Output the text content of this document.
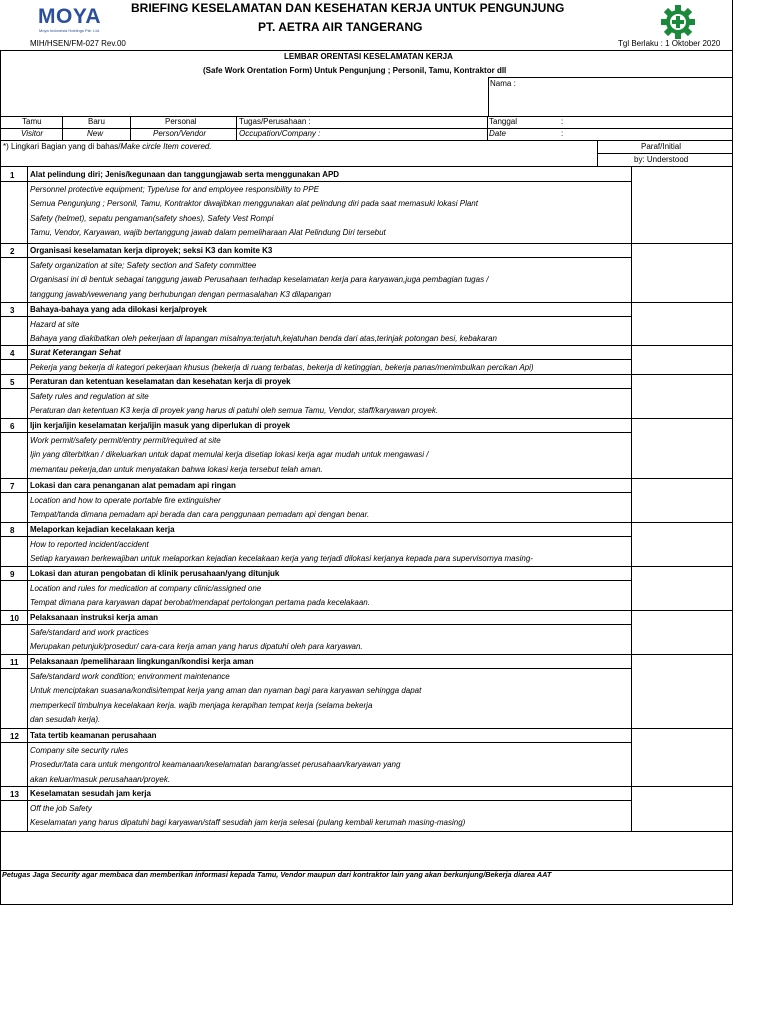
MOYA
Moya Indonesia Holdings Pte. Ltd.
BRIEFING KESELAMATAN DAN KESEHATAN KERJA UNTUK PENGUNJUNG
PT. AETRA AIR TANGERANG
MIH/HSEN/FM-027 Rev.00	Tgl Berlaku : 1 Oktober 2020
LEMBAR ORENTASI KESELAMATAN KERJA
(Safe Work Orentation Form) Untuk Pengunjung ; Personil, Tamu, Kontraktor dll
Nama :
Tamu	Baru	Personal	Tugas/Perusahaan :	Tanggal	:
Visitor	New	Person/Vendor	Occupation/Company :	Date	:
*) Lingkari Bagian yang di bahas/Make circle Item covered.	Paraf/Initial
by: Understood
1 Alat pelindung diri; Jenis/kegunaan dan tanggungjawab serta menggunakan APD
Personnel protective equipment; Type/use for and employee responsibility to PPE
Semua Pengunjung ; Personil, Tamu, Kontraktor diwajibkan menggunakan alat pelindung diri pada saat memasuki lokasi Plant
Safety (helmet), sepatu pengaman(safety shoes), Safety Vest Rompi
Tamu, Vendor, Karyawan, wajib bertanggung jawab dalam pemeliharaan Alat Pelindung Diri tersebut
2 Organisasi keselamatan kerja diproyek; seksi K3 dan komite K3
Safety organization at site; Safety section and Safety committee
Organisasi ini di bentuk sebagai tanggung jawab Perusahaan terhadap keselamatan kerja para karyawan,juga pembagian tugas /
tanggung jawab/wewenang yang berhubungan dengan permasalahan K3 dilapangan
3 Bahaya-bahaya yang ada dilokasi kerja/proyek
Hazard at site
Bahaya yang diakibatkan oleh pekerjaan di lapangan misalnya:terjatuh,kejatuhan benda dari atas,terinjak potongan besi, kebakaran
4 Surat Keterangan Sehat
Pekerja yang bekerja di kategori pekerjaan khusus (bekerja di ruang terbatas, bekerja di ketinggian, bekerja panas/menimbulkan percikan Api)
5 Peraturan dan ketentuan keselamatan dan kesehatan kerja di proyek
Safety rules and regulation at site
Peraturan dan ketentuan K3 kerja di proyek yang harus di patuhi oleh semua Tamu, Vendor, staff/karyawan proyek.
6 Ijin kerja/ijin keselamatan kerja/ijin masuk yang diperlukan di proyek
Work permit/safety permit/entry permit/required at site
Ijin yang diterbitkan / dikeluarkan untuk dapat memulai kerja disetiap lokasi kerja agar mudah untuk mengawasi /
memantau pekerja,dan untuk menyatakan bahwa lokasi kerja tersebut telah aman.
7 Lokasi dan cara penanganan alat pemadam api ringan
Location and how to operate portable fire extinguisher
Tempat/tanda dimana pemadam api berada dan cara penggunaan pemadam api dengan benar.
8 Melaporkan kejadian kecelakaan kerja
How to reported incident/accident
Setiap karyawan berkewajiban untuk melaporkan kejadian kecelakaan kerja yang terjadi dilokasi kerjanya kepada para supervisornya masing-
9 Lokasi dan aturan pengobatan di klinik perusahaan/yang ditunjuk
Location and rules for medication at company clinic/assigned one
Tempat dimana para karyawan dapat berobat/mendapat pertolongan pertama pada kecelakaan.
10 Pelaksanaan instruksi kerja aman
Safe/standard and work practices
Merupakan petunjuk/prosedur/ cara-cara kerja aman yang harus dipatuhi oleh para karyawan.
11 Pelaksanaan /pemeliharaan lingkungan/kondisi kerja aman
Safe/standard work condition; environment maintenance
Untuk menciptakan suasana/kondisi/tempat kerja yang aman dan nyaman bagi para karyawan sehingga dapat
memperkecil timbulnya kecelakaan kerja. wajib menjaga kerapihan tempat kerja (selama bekerja
dan sesudah kerja).
12 Tata tertib keamanan perusahaan
Company site security rules
Prosedur/tata cara untuk mengontrol keamanaan/keselamatan barang/asset perusahaan/karyawan yang
akan keluar/masuk perusahaan/proyek.
13 Keselamatan sesudah jam kerja
Off the job Safety
Keselamatan yang harus dipatuhi bagi karyawan/staff sesudah jam kerja selesai (pulang kembali kerumah masing-masing)
Petugas Jaga Security agar membaca dan memberikan informasi kepada Tamu, Vendor maupun dari kontraktor lain yang akan berkunjung/Bekerja diarea AAT
